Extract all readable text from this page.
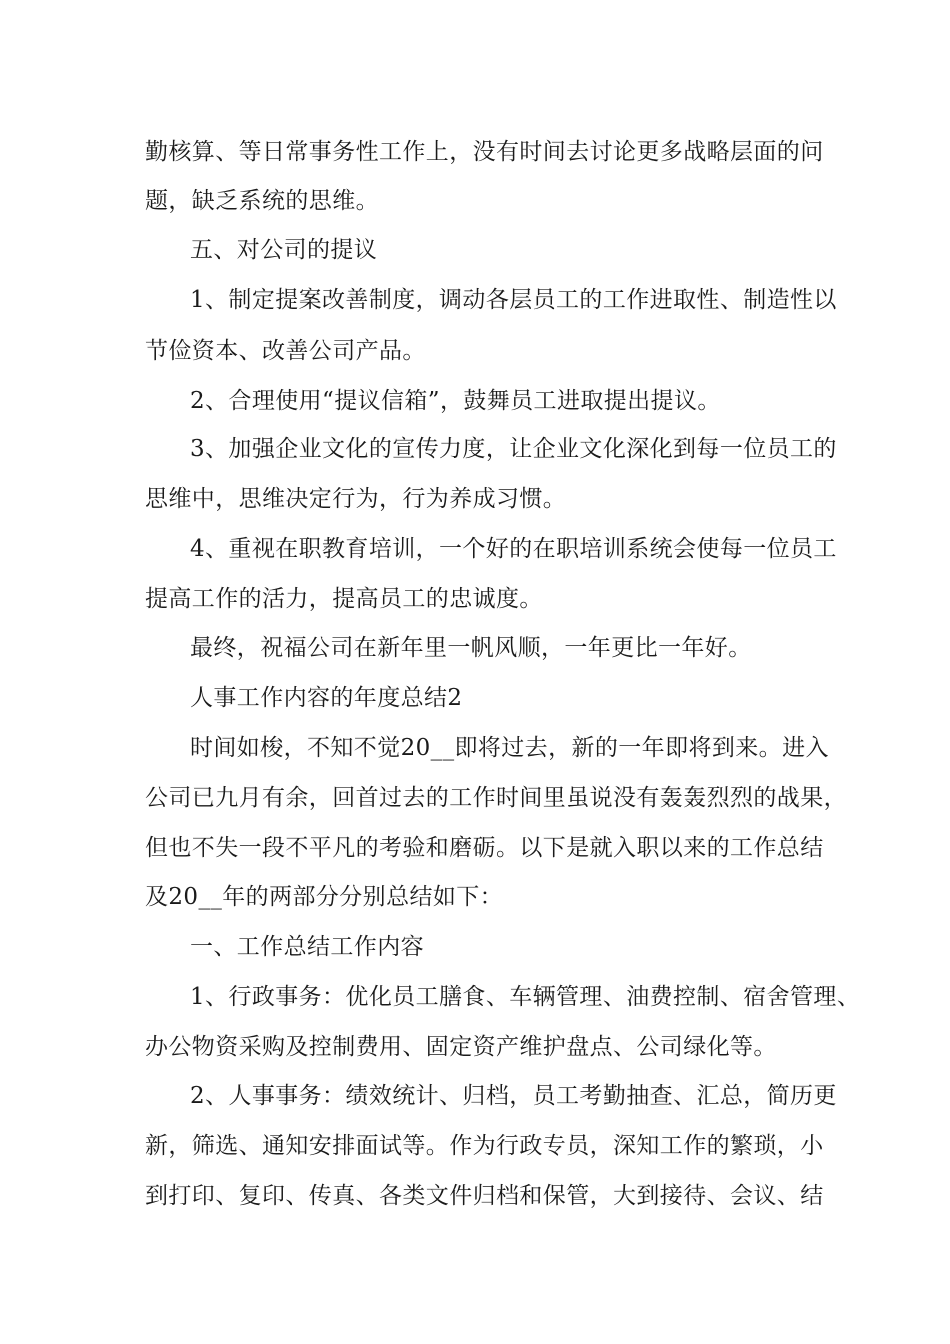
勤核算、等日常事务性工作上，没有时间去讨论更多战略层面的问

题，缺乏系统的思维。

五、对公司的提议

1、制定提案改善制度，调动各层员工的工作进取性、制造性以

节俭资本、改善公司产品。

2、合理使用“提议信箱”，鼓舞员工进取提出提议。

3、加强企业文化的宣传力度，让企业文化深化到每一位员工的

思维中，思维决定行为，行为养成习惯。

4、重视在职教育培训，一个好的在职培训系统会使每一位员工

提高工作的活力，提高员工的忠诚度。

最终，祝福公司在新年里一帆风顺，一年更比一年好。

人事工作内容的年度总结2

时间如梭，不知不觉20__即将过去，新的一年即将到来。进入

公司已九月有余，回首过去的工作时间里虽说没有轰轰烈烈的战果，

但也不失一段不平凡的考验和磨砺。以下是就入职以来的工作总结

及20__年的两部分分别总结如下：

一、工作总结工作内容

1、行政事务：优化员工膳食、车辆管理、油费控制、宿舍管理、

办公物资采购及控制费用、固定资产维护盘点、公司绿化等。

2、人事事务：绩效统计、归档，员工考勤抽查、汇总，简历更

新，筛选、通知安排面试等。作为行政专员，深知工作的繁琐，小

到打印、复印、传真、各类文件归档和保管，大到接待、会议、结
